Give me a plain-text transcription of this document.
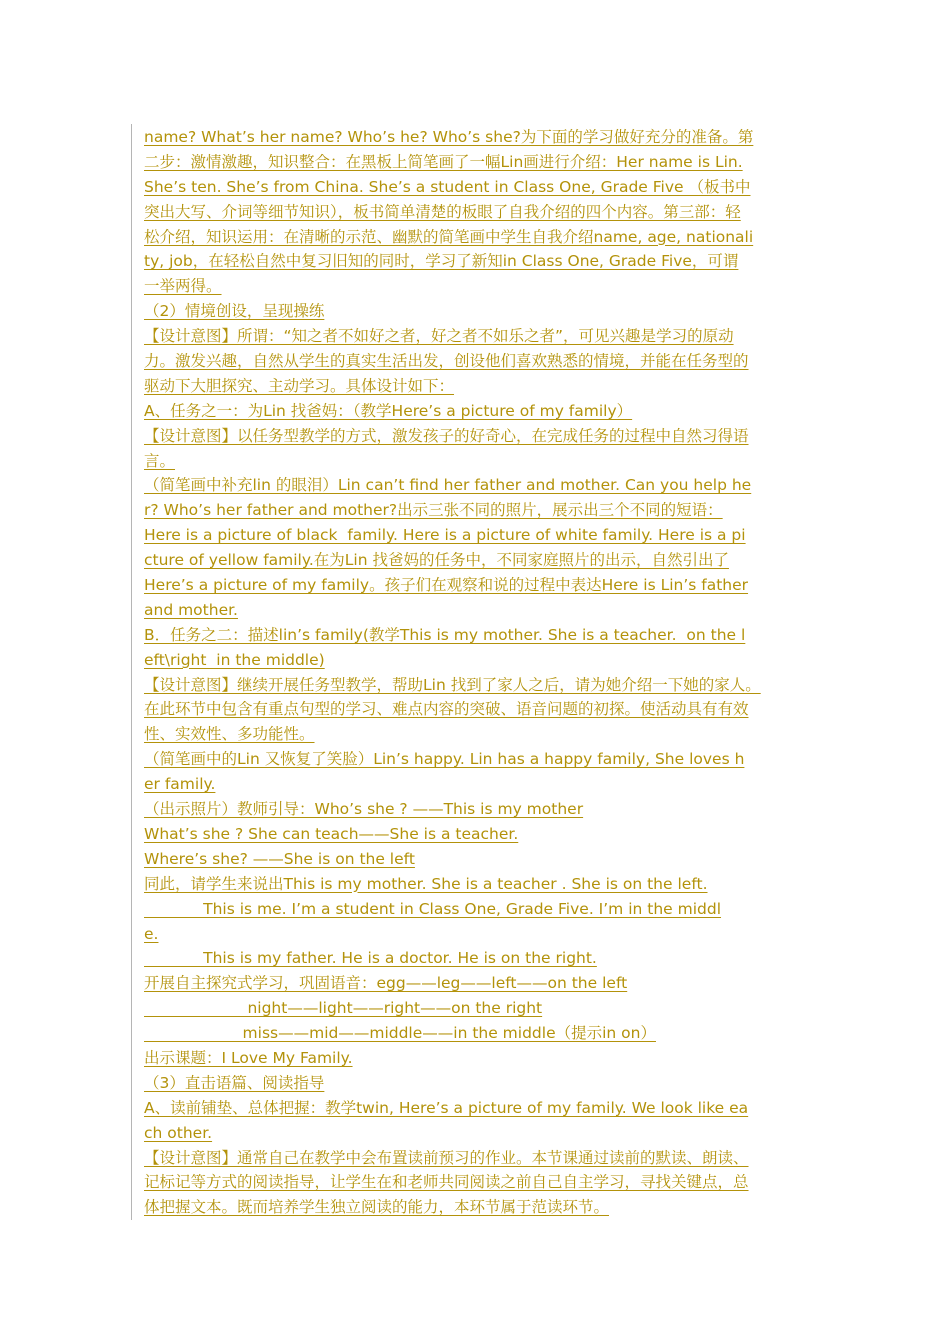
name? What’s her name? Who’s he? Who’s she?为下面的学习做好充分的准备。第
二步：激情激趣，知识整合：在黑板上简笔画了一幅Lin画进行介绍：Her name is Lin.
She’s ten. She’s from China. She’s a student in Class One, Grade Five （板书中
突出大写、介词等细节知识），板书简单清楚的板眼了自我介绍的四个内容。第三部：轻
松介绍，知识运用：在清晰的示范、幽默的简笔画中学生自我介绍name, age, nationali
ty, job，在轻松自然中复习旧知的同时，学习了新知in Class One, Grade Five，可谓
一举两得。
（2）情境创设，呈现操练
【设计意图】所谓：“知之者不如好之者，好之者不如乐之者”，可见兴趣是学习的原动
力。激发兴趣，自然从学生的真实生活出发，创设他们喜欢熟悉的情境，并能在任务型的
驱动下大胆探究、主动学习。具体设计如下：
A、任务之一：为Lin 找爸妈：（教学Here’s a picture of my family）
【设计意图】以任务型教学的方式，激发孩子的好奇心，在完成任务的过程中自然习得语
言。
（简笔画中补充lin 的眼泪）Lin can’t find her father and mother. Can you help he
r? Who’s her father and mother?出示三张不同的照片，展示出三个不同的短语：
Here is a picture of black  family. Here is a picture of white family. Here is a pi
cture of yellow family.在为Lin 找爸妈的任务中，不同家庭照片的出示，自然引出了
Here’s a picture of my family。孩子们在观察和说的过程中表达Here is Lin’s father
and mother.
B．任务之二：描述lin’s family(教学This is my mother. She is a teacher.  on the l
eft\right  in the middle)
【设计意图】继续开展任务型教学，帮助Lin 找到了家人之后，请为她介绍一下她的家人。
在此环节中包含有重点句型的学习、难点内容的突破、语音问题的初探。使活动具有有效
性、实效性、多功能性。
（简笔画中的Lin 又恢复了笑脸）Lin’s happy. Lin has a happy family, She loves h
er family.
（出示照片）教师引导：Who’s she ? ——This is my mother
What’s she ? She can teach——She is a teacher.
Where’s she? ——She is on the left
同此，请学生来说出This is my mother. She is a teacher . She is on the left.
This is me. I’m a student in Class One, Grade Five. I’m in the middl
e.
This is my father. He is a doctor. He is on the right.
开展自主探究式学习，巩固语音：egg——leg——left——on the left
night——light——right——on the right
miss——mid——middle——in the middle（提示in on）
出示课题：I Love My Family.
（3）直击语篇、阅读指导
A、读前铺垫、总体把握：教学twin, Here’s a picture of my family. We look like ea
ch other.
【设计意图】通常自己在教学中会布置读前预习的作业。本节课通过读前的默读、朗读、
记标记等方式的阅读指导，让学生在和老师共同阅读之前自己自主学习，寻找关键点，总
体把握文本。既而培养学生独立阅读的能力，本环节属于范读环节。
